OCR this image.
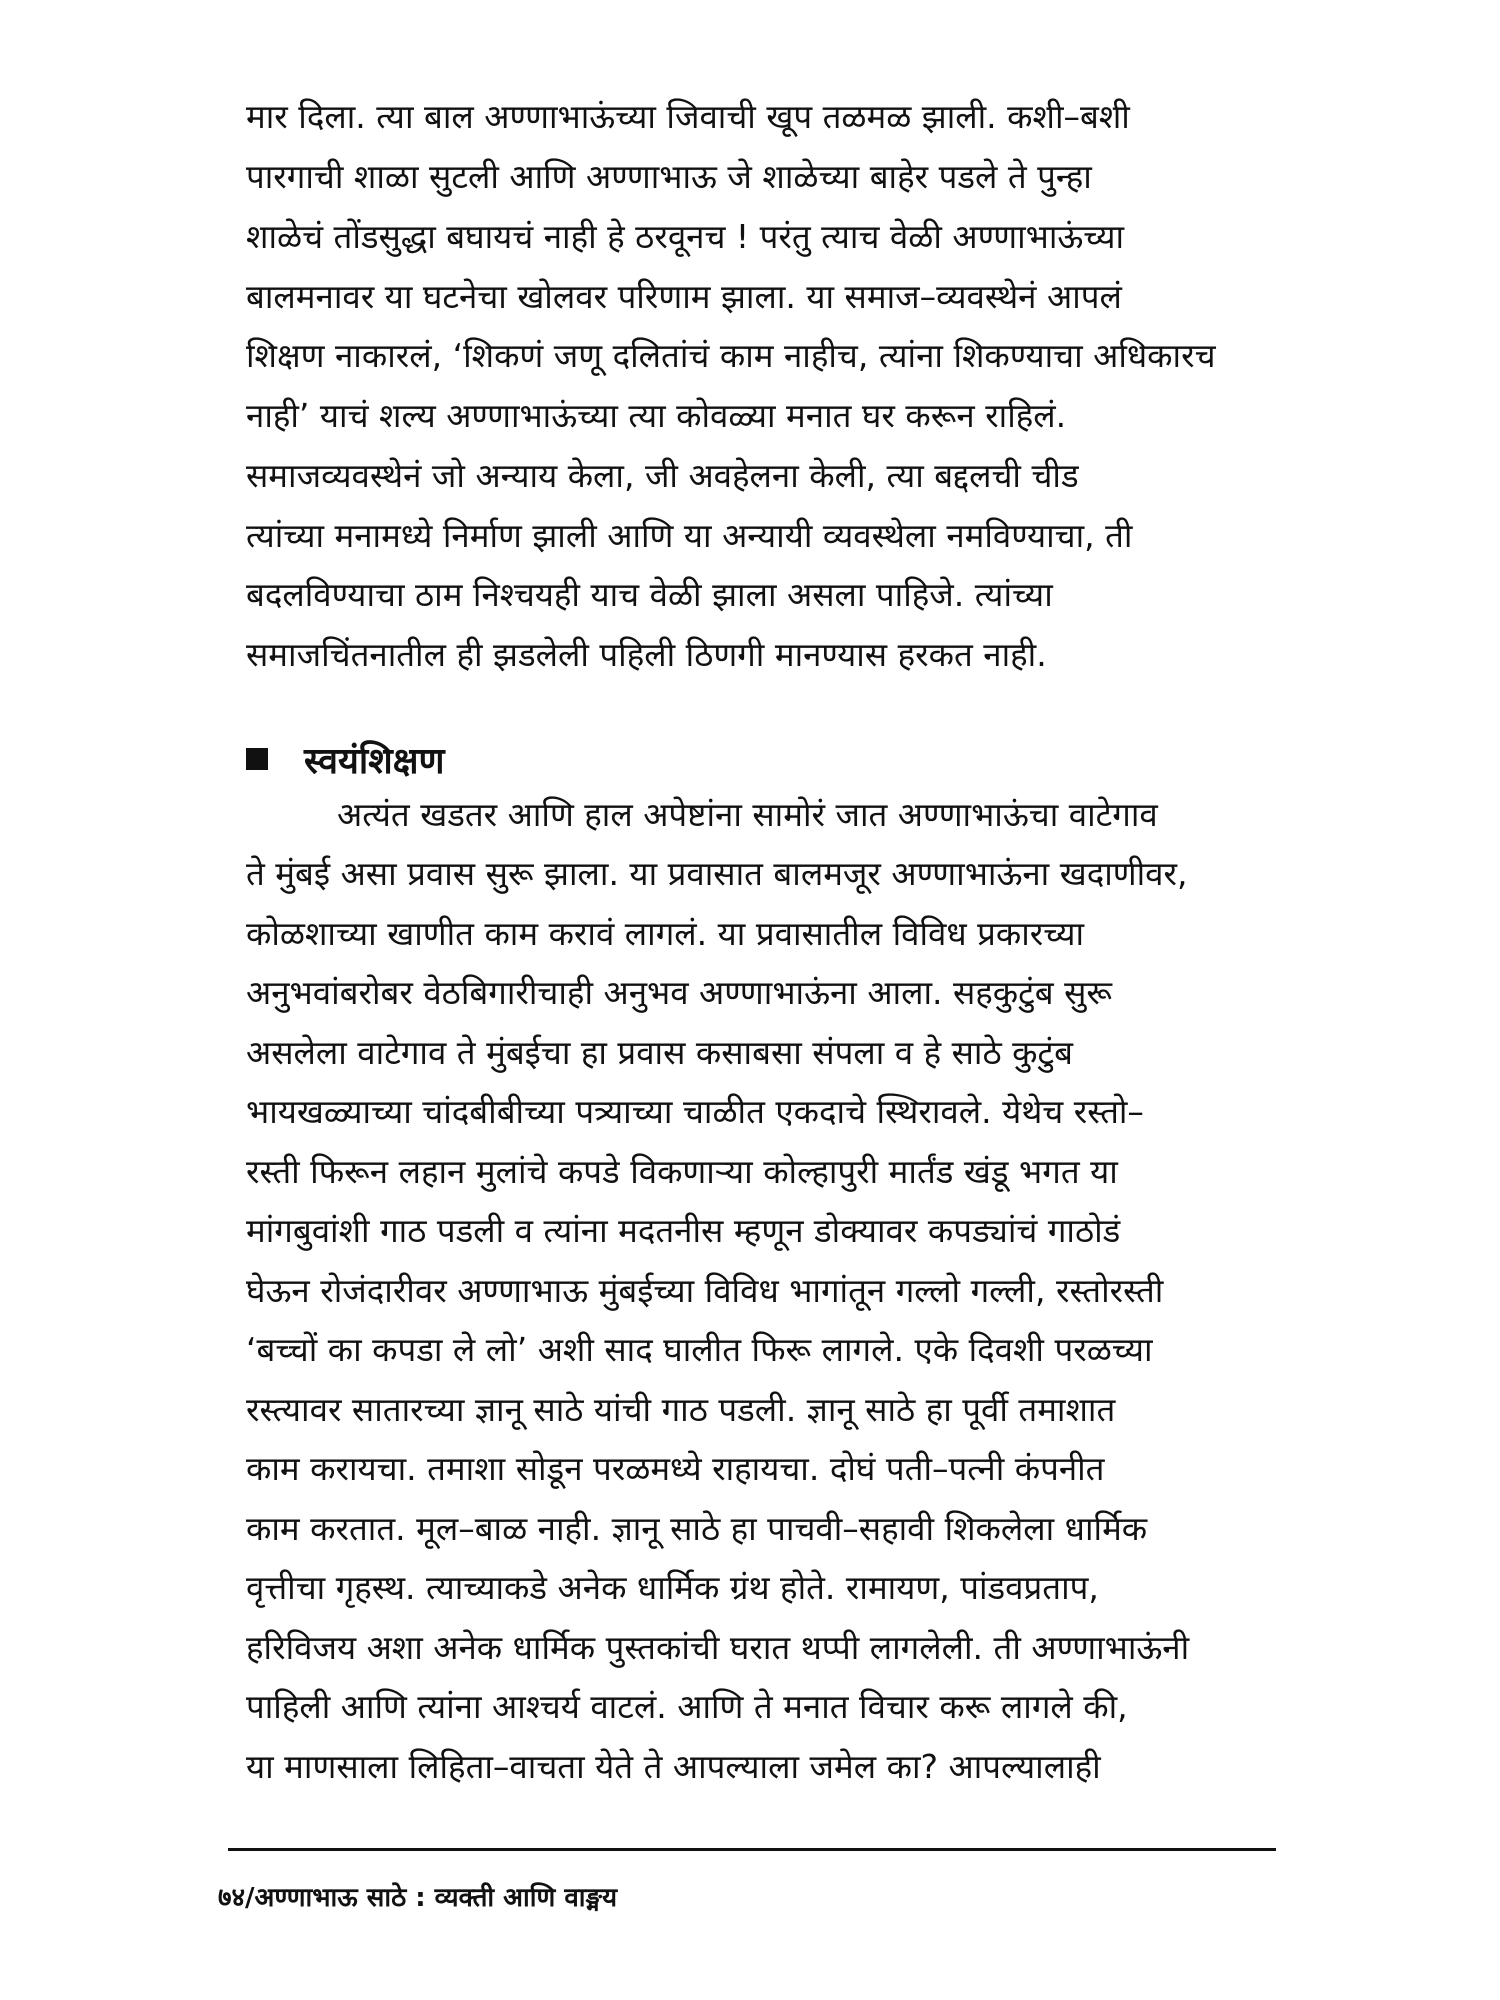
मार दिला. त्या बाल अण्णाभाऊंच्या जिवाची खूप तळमळ झाली. कशी–बशी
पारगाची शाळा सुटली आणि अण्णाभाऊ जे शाळेच्या बाहेर पडले ते पुन्हा
शाळेचं तोंडसुद्धा बघायचं नाही हे ठरवूनच ! परंतु त्याच वेळी अण्णाभाऊंच्या
बालमनावर या घटनेचा खोलवर परिणाम झाला. या समाज–व्यवस्थेनं आपलं
शिक्षण नाकारलं, ‘शिकणं जणू दलितांचं काम नाहीच, त्यांना शिकण्याचा अधिकारच
नाही’ याचं शल्य अण्णाभाऊंच्या त्या कोवळ्या मनात घर करून राहिलं.
समाजव्यवस्थेनं जो अन्याय केला, जी अवहेलना केली, त्या बद्दलची चीड
त्यांच्या मनामध्ये निर्माण झाली आणि या अन्यायी व्यवस्थेला नमविण्याचा, ती
बदलविण्याचा ठाम निश्चयही याच वेळी झाला असला पाहिजे. त्यांच्या
समाजचिंतनातील ही झडलेली पहिली ठिणगी मानण्यास हरकत नाही.
स्वयंशिक्षण
अत्यंत खडतर आणि हाल अपेष्टांना सामोरं जात अण्णाभाऊंचा वाटेगाव
ते मुंबई असा प्रवास सुरू झाला. या प्रवासात बालमजूर अण्णाभाऊंना खदाणीवर,
कोळशाच्या खाणीत काम करावं लागलं. या प्रवासातील विविध प्रकारच्या
अनुभवांबरोबर वेठबिगारीचाही अनुभव अण्णाभाऊंना आला. सहकुटुंब सुरू
असलेला वाटेगाव ते मुंबईचा हा प्रवास कसाबसा संपला व हे साठे कुटुंब
भायखळ्याच्या चांदबीबीच्या पत्र्याच्या चाळीत एकदाचे स्थिरावले. येथेच रस्तो–
रस्ती फिरून लहान मुलांचे कपडे विकणाऱ्या कोल्हापुरी मार्तंड खंडू भगत या
मांगबुवांशी गाठ पडली व त्यांना मदतनीस म्हणून डोक्यावर कपड्यांचं गाठोडं
घेऊन रोजंदारीवर अण्णाभाऊ मुंबईच्या विविध भागांतून गल्लो गल्ली, रस्तोरस्ती
‘बच्चों का कपडा ले लो’ अशी साद घालीत फिरू लागले. एके दिवशी परळच्या
रस्त्यावर सातारच्या ज्ञानू साठे यांची गाठ पडली. ज्ञानू साठे हा पूर्वी तमाशात
काम करायचा. तमाशा सोडून परळमध्ये राहायचा. दोघं पती–पत्नी कंपनीत
काम करतात. मूल–बाळ नाही. ज्ञानू साठे हा पाचवी–सहावी शिकलेला धार्मिक
वृत्तीचा गृहस्थ. त्याच्याकडे अनेक धार्मिक ग्रंथ होते. रामायण, पांडवप्रताप,
हरिविजय अशा अनेक धार्मिक पुस्तकांची घरात थप्पी लागलेली. ती अण्णाभाऊंनी
पाहिली आणि त्यांना आश्चर्य वाटलं. आणि ते मनात विचार करू लागले की,
या माणसाला लिहिता–वाचता येते ते आपल्याला जमेल का? आपल्यालाही
७४/अण्णाभाऊ साठे : व्यक्ती आणि वाङ्मय
